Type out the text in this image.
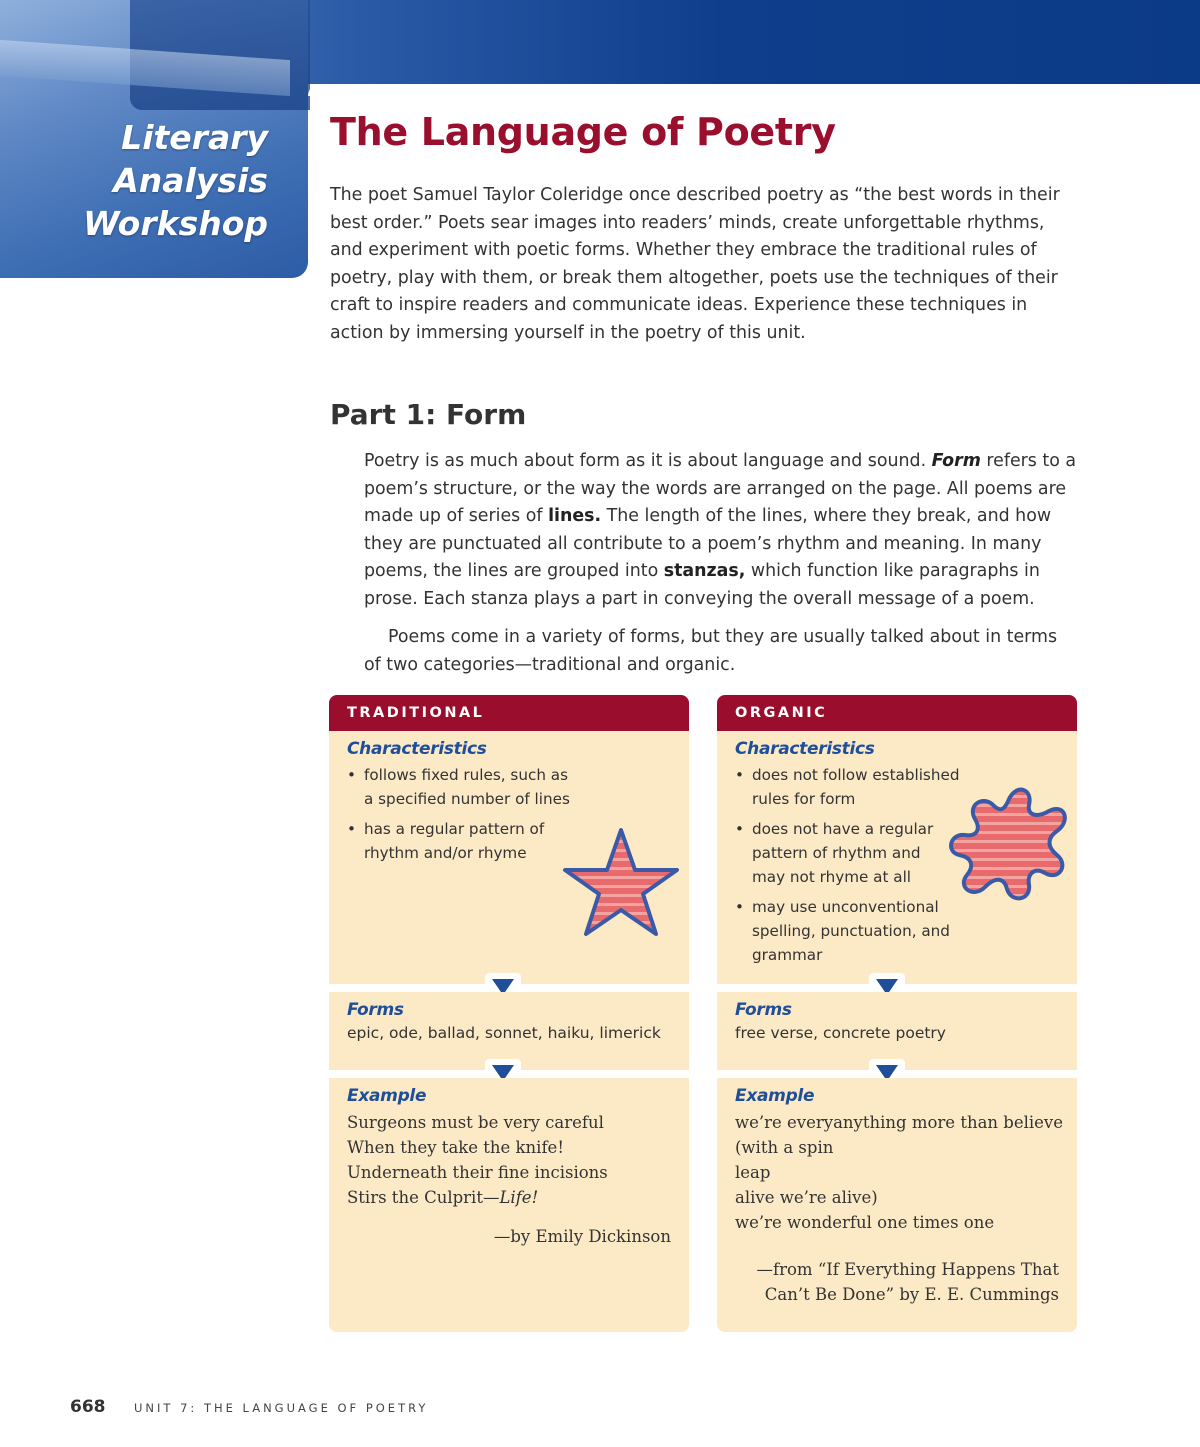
Literary
Analysis
Workshop
The Language of Poetry

The poet Samuel Taylor Coleridge once described poetry as “the best words in their best order.” Poets sear images into readers’ minds, create unforgettable rhythms, and experiment with poetic forms. Whether they embrace the traditional rules of poetry, play with them, or break them altogether, poets use the techniques of their craft to inspire readers and communicate ideas. Experience these techniques in action by immersing yourself in the poetry of this unit.

Part 1: Form

Poetry is as much about form as it is about language and sound. Form refers to a poem’s structure, or the way the words are arranged on the page. All poems are made up of series of lines. The length of the lines, where they break, and how they are punctuated all contribute to a poem’s rhythm and meaning. In many poems, the lines are grouped into stanzas, which function like paragraphs in prose. Each stanza plays a part in conveying the overall message of a poem.

Poems come in a variety of forms, but they are usually talked about in terms of two categories—traditional and organic.

TRADITIONAL

Characteristics

• follows fixed rules, such as a specified number of lines
• has a regular pattern of rhythm and/or rhyme

Forms

epic, ode, ballad, sonnet, haiku, limerick

Example

Surgeons must be very careful
When they take the knife!
Underneath their fine incisions
Stirs the Culprit—Life!
—by Emily Dickinson
ORGANIC

Characteristics

• does not follow established rules for form
• does not have a regular pattern of rhythm and may not rhyme at all
• may use unconventional spelling, punctuation, and grammar

Forms

free verse, concrete poetry

Example

we’re everyanything more than believe
(with a spin
leap
alive we’re alive)
we’re wonderful one times one
—from “If Everything Happens That
Can’t Be Done” by E. E. Cummings
668 UNIT 7: THE LANGUAGE OF POETRY
